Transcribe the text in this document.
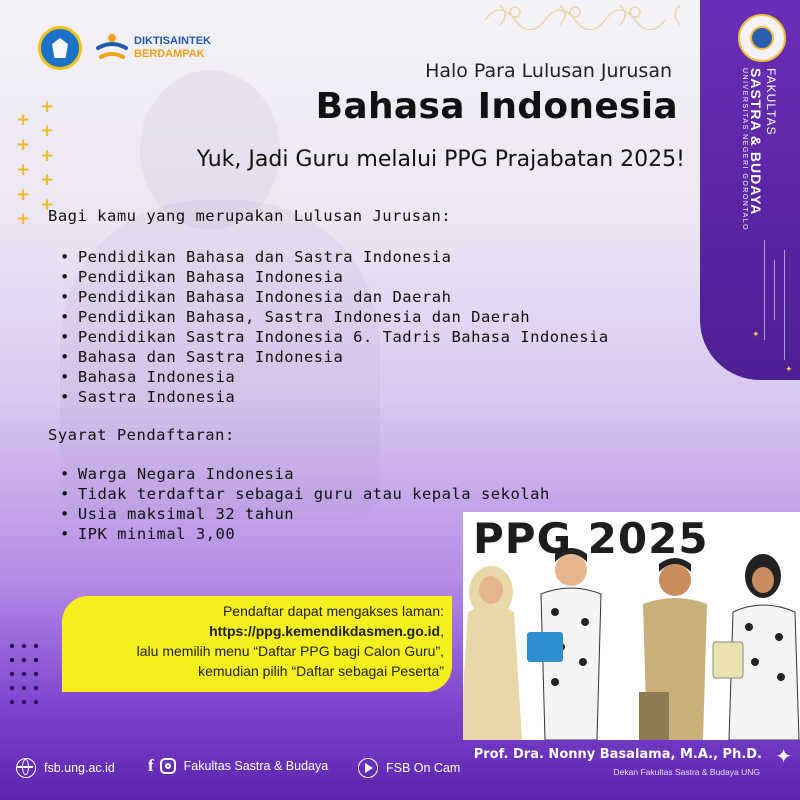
DIKTISAINTEK
BERDAMPAK
FAKULTAS
SASTRA & BUDAYA
UNIVERSITAS NEGERI GORONTALO
✦
✦
+
+
+
+
+
+ +
+ +
+
Halo Para Lulusan Jurusan
Bahasa Indonesia
Yuk, Jadi Guru melalui PPG Prajabatan 2025!
Bagi kamu yang merupakan Lulusan Jurusan:
• Pendidikan Bahasa dan Sastra Indonesia
• Pendidikan Bahasa Indonesia
• Pendidikan Bahasa Indonesia dan Daerah
• Pendidikan Bahasa, Sastra Indonesia dan Daerah
• Pendidikan Sastra Indonesia 6. Tadris Bahasa Indonesia
• Bahasa dan Sastra Indonesia
• Bahasa Indonesia
• Sastra Indonesia
Syarat Pendaftaran:
• Warga Negara Indonesia
• Tidak terdaftar sebagai guru atau kepala sekolah
• Usia maksimal 32 tahun
• IPK minimal 3,00	PPG 2025
Pendaftar dapat mengakses laman:
https://ppg.kemendikdasmen.go.id,
lalu memilih menu “Daftar PPG bagi Calon Guru”,
kemudian pilih “Daftar sebagai Peserta”
fsb.ung.ac.id f Fakultas Sastra & Budaya	FSB On Cam
Prof. Dra. Nonny Basalama, M.A., Ph.D.
Dekan Fakultas Sastra & Budaya UNG
✦
